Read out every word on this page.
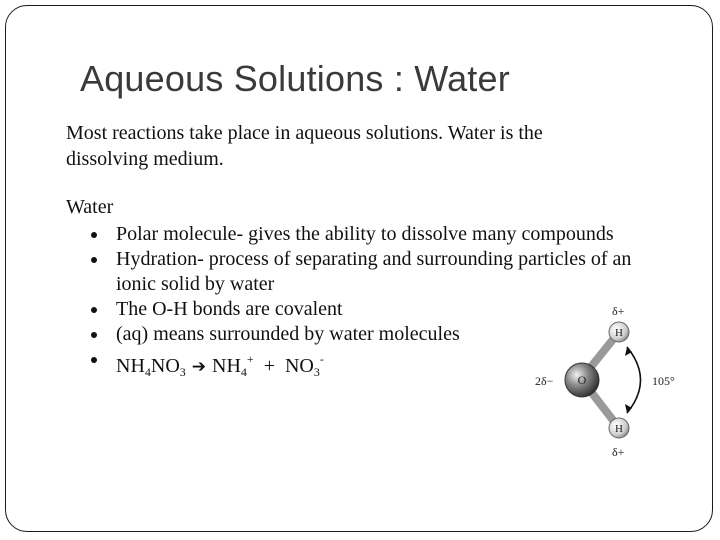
Aqueous Solutions : Water
Most reactions take place in aqueous solutions. Water is the dissolving medium.
Water
Polar molecule- gives the ability to dissolve many compounds
Hydration- process of separating and surrounding particles of an ionic solid by water
The O-H bonds are covalent
(aq) means surrounded by water molecules
$NH_4NO_3$ ➔ $NH_4^+ + NO_3^-$
δ+
H
O
2δ−	105°
H
δ+
